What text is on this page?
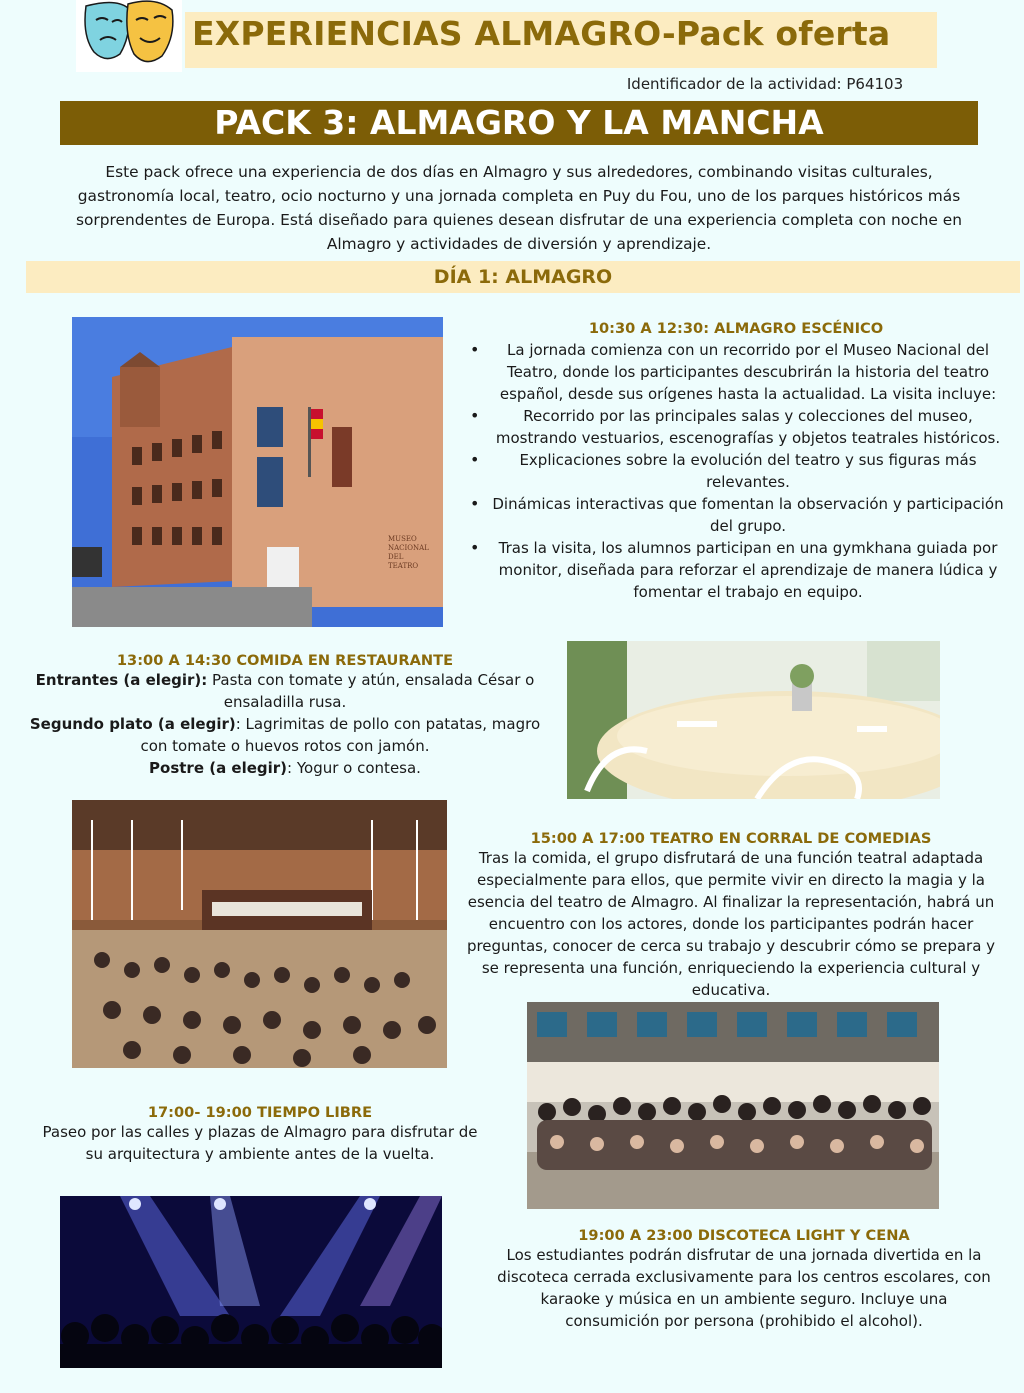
EXPERIENCIAS ALMAGRO-Pack oferta
Identificador de la actividad: P64103
PACK 3: ALMAGRO Y LA MANCHA
Este pack ofrece una experiencia de dos días en Almagro y sus alrededores, combinando visitas culturales, gastronomía local, teatro, ocio nocturno y una jornada completa en Puy du Fou, uno de los parques históricos más sorprendentes de Europa. Está diseñado para quienes desean disfrutar de una experiencia completa con noche en Almagro y actividades de diversión y aprendizaje.
DÍA 1: ALMAGRO
MUSEO NACIONAL DEL TEATRO
10:30 A 12:30: ALMAGRO ESCÉNICO
• La jornada comienza con un recorrido por el Museo Nacional del Teatro, donde los participantes descubrirán la historia del teatro español, desde sus orígenes hasta la actualidad. La visita incluye:
• Recorrido por las principales salas y colecciones del museo, mostrando vestuarios, escenografías y objetos teatrales históricos.
• Explicaciones sobre la evolución del teatro y sus figuras más relevantes.
• Dinámicas interactivas que fomentan la observación y participación del grupo.
• Tras la visita, los alumnos participan en una gymkhana guiada por monitor, diseñada para reforzar el aprendizaje de manera lúdica y fomentar el trabajo en equipo.
13:00 A 14:30 COMIDA EN RESTAURANTE
Entrantes (a elegir): Pasta con tomate y atún, ensalada César o ensaladilla rusa.
Segundo plato (a elegir): Lagrimitas de pollo con patatas, magro con tomate o huevos rotos con jamón.
Postre (a elegir): Yogur o contesa.
15:00 A 17:00 TEATRO EN CORRAL DE COMEDIAS
Tras la comida, el grupo disfrutará de una función teatral adaptada especialmente para ellos, que permite vivir en directo la magia y la esencia del teatro de Almagro. Al finalizar la representación, habrá un encuentro con los actores, donde los participantes podrán hacer preguntas, conocer de cerca su trabajo y descubrir cómo se prepara y se representa una función, enriqueciendo la experiencia cultural y educativa.
17:00- 19:00 TIEMPO LIBRE
Paseo por las calles y plazas de Almagro para disfrutar de su arquitectura y ambiente antes de la vuelta.
19:00 A 23:00 DISCOTECA LIGHT Y CENA
Los estudiantes podrán disfrutar de una jornada divertida en la discoteca cerrada exclusivamente para los centros escolares, con karaoke y música en un ambiente seguro. Incluye una consumición por persona (prohibido el alcohol).
